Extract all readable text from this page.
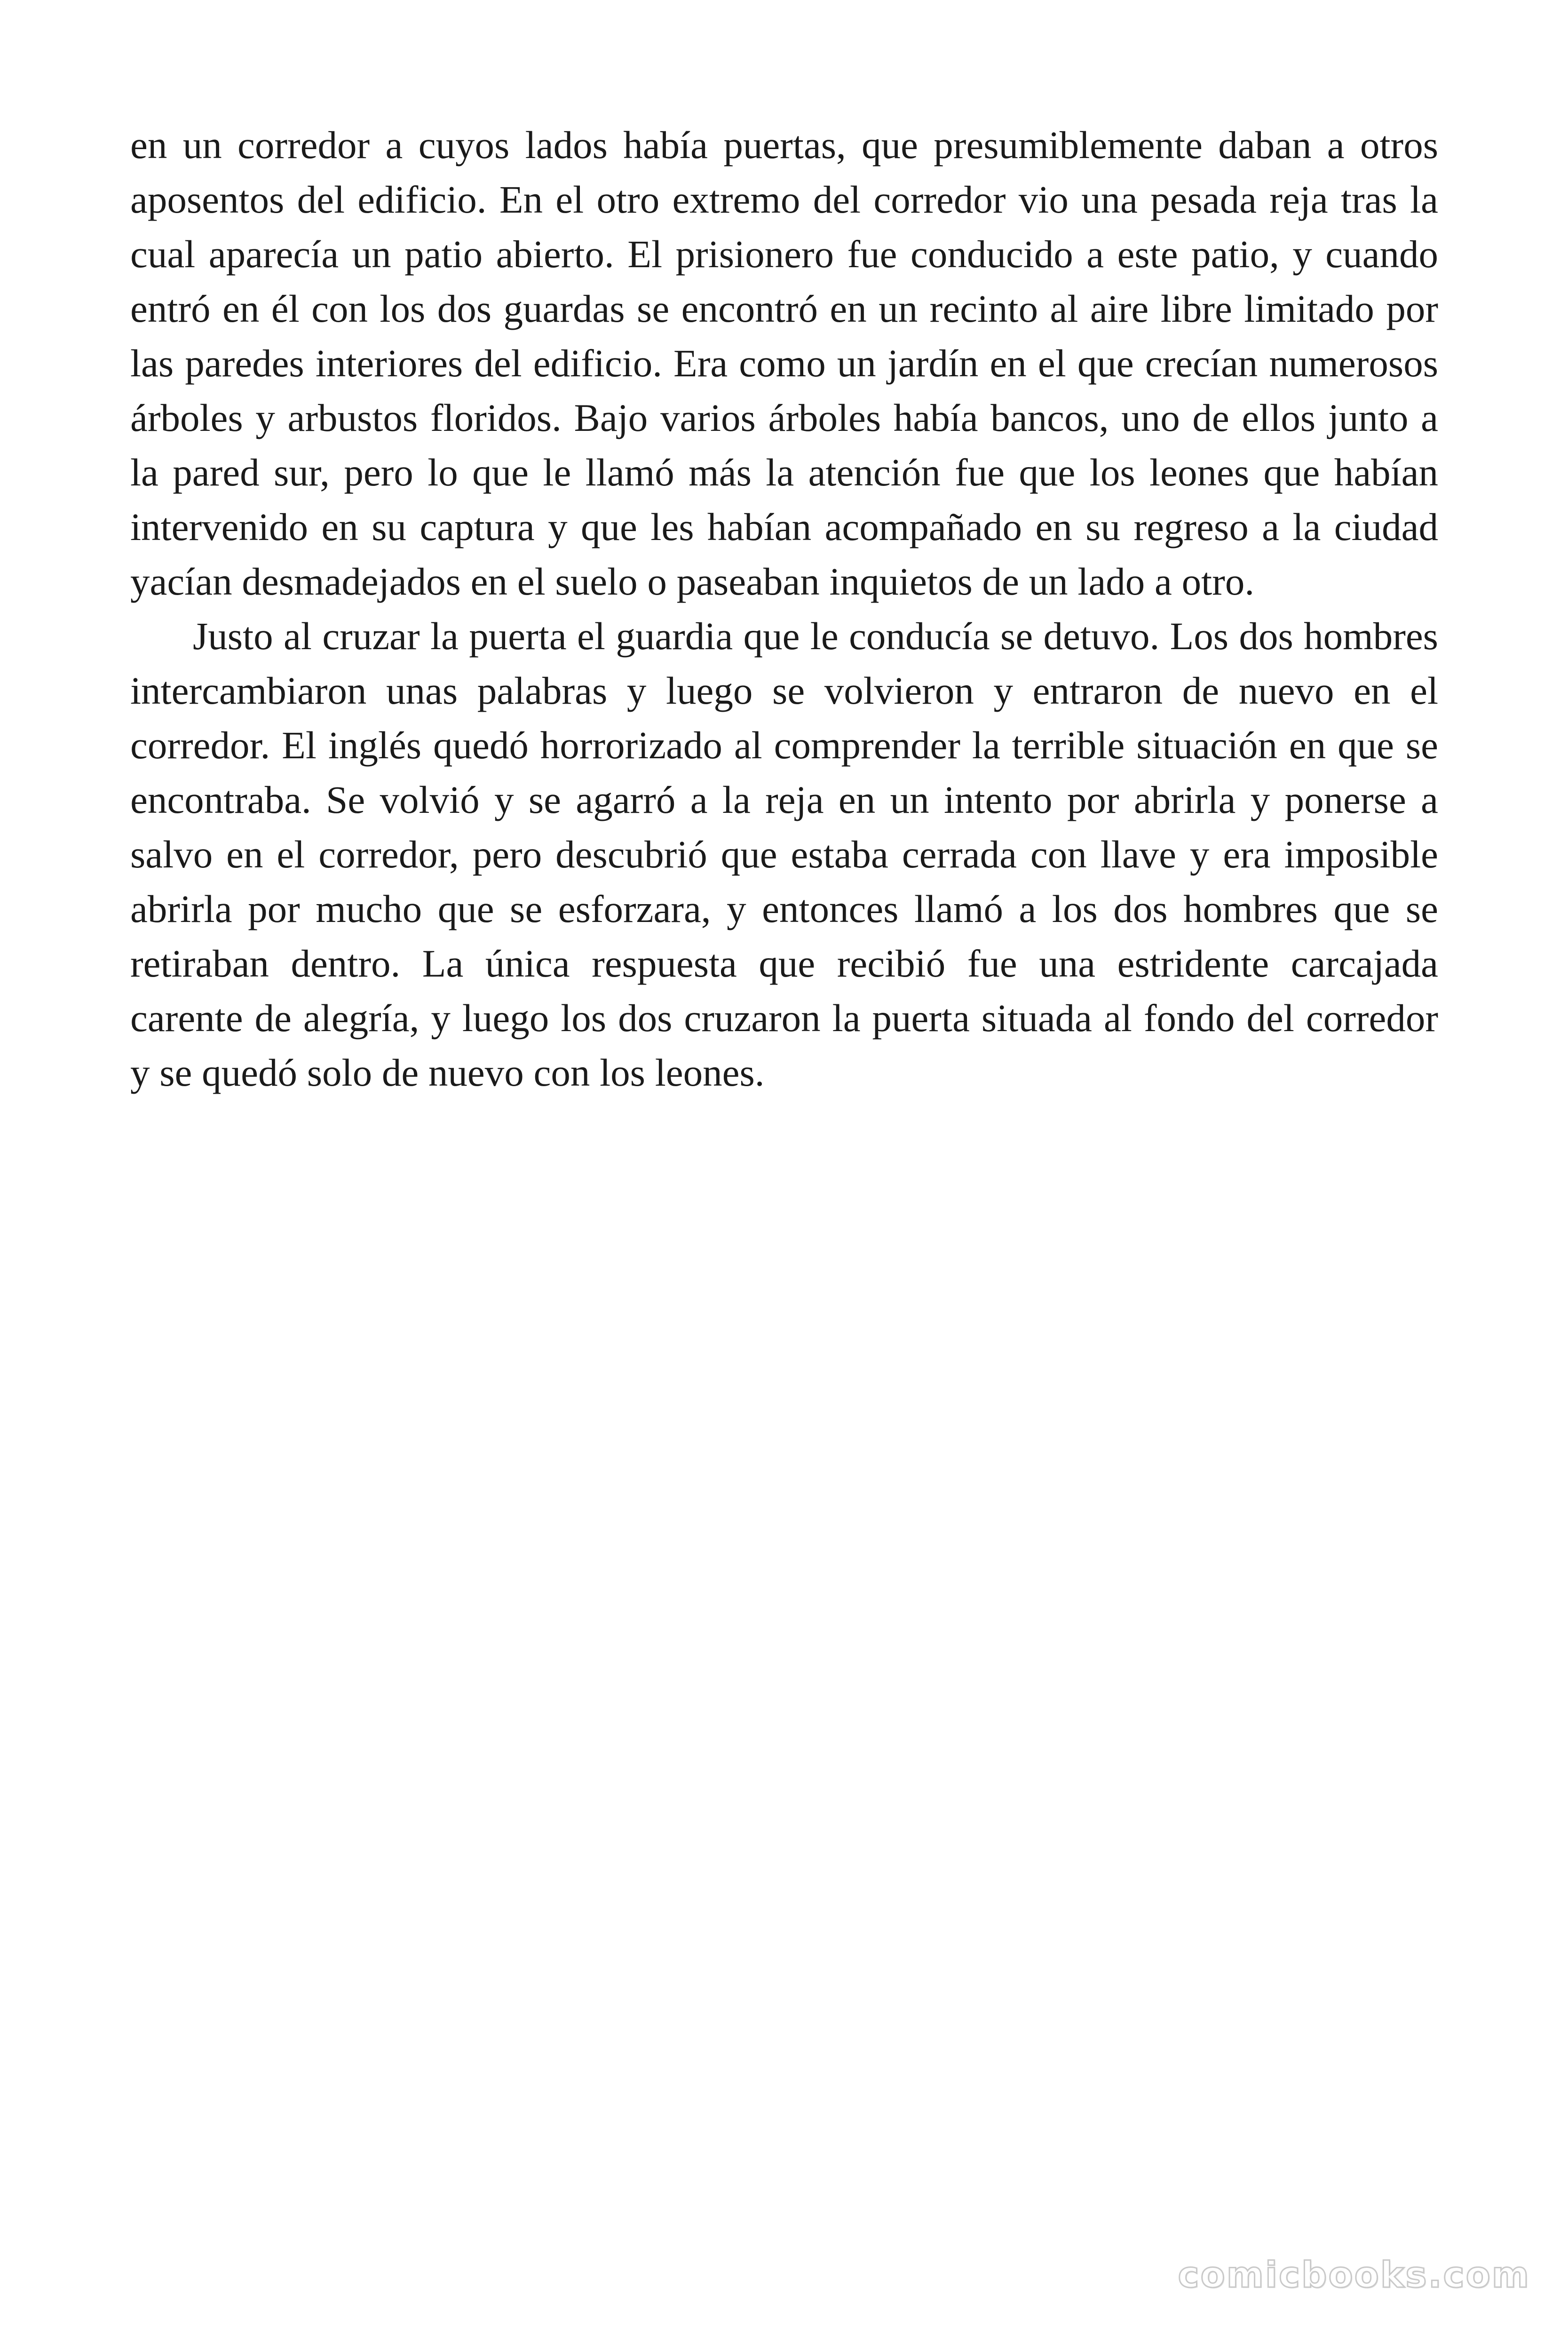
en un corredor a cuyos lados había puertas, que presumiblemente daban a otros aposentos del edificio. En el otro extremo del corredor vio una pesada reja tras la cual aparecía un patio abierto. El prisionero fue conducido a este patio, y cuando entró en él con los dos guardas se encontró en un recinto al aire libre limitado por las paredes interiores del edificio. Era como un jardín en el que crecían numerosos árboles y arbustos floridos. Bajo varios árboles había bancos, uno de ellos junto a la pared sur, pero lo que le llamó más la atención fue que los leones que habían intervenido en su captura y que les habían acompañado en su regreso a la ciudad yacían desmadejados en el suelo o paseaban inquietos de un lado a otro.

Justo al cruzar la puerta el guardia que le conducía se detuvo. Los dos hombres intercambiaron unas palabras y luego se volvieron y entraron de nuevo en el corredor. El inglés quedó horrorizado al comprender la terrible situación en que se encontraba. Se volvió y se agarró a la reja en un intento por abrirla y ponerse a salvo en el corredor, pero descubrió que estaba cerrada con llave y era imposible abrirla por mucho que se esforzara, y entonces llamó a los dos hombres que se retiraban dentro. La única respuesta que recibió fue una estridente carcajada carente de alegría, y luego los dos cruzaron la puerta situada al fondo del corredor y se quedó solo de nuevo con los leones.

comicbooks.com
